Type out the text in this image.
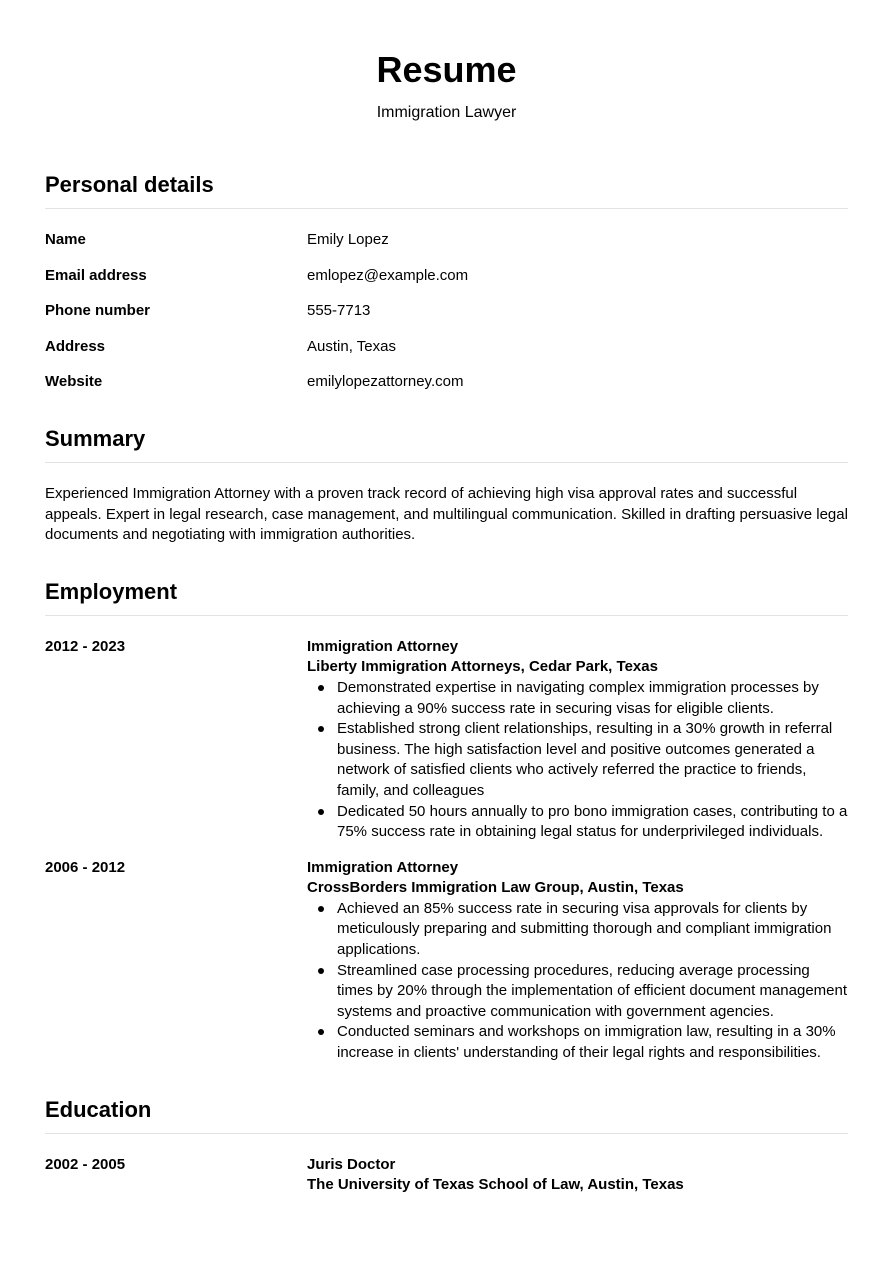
Resume
Immigration Lawyer
Personal details
Name	Emily Lopez
Email address	emlopez@example.com
Phone number	555-7713
Address	Austin, Texas
Website	emilylopezattorney.com
Summary

Experienced Immigration Attorney with a proven track record of achieving high visa approval rates and successful appeals. Expert in legal research, case management, and multilingual communication. Skilled in drafting persuasive legal documents and negotiating with immigration authorities.

Employment
2012 - 2023	Immigration Attorney
Liberty Immigration Attorneys, Cedar Park, Texas
Demonstrated expertise in navigating complex immigration processes by achieving a 90% success rate in securing visas for eligible clients.
Established strong client relationships, resulting in a 30% growth in referral business. The high satisfaction level and positive outcomes generated a network of satisfied clients who actively referred the practice to friends, family, and colleagues
Dedicated 50 hours annually to pro bono immigration cases, contributing to a 75% success rate in obtaining legal status for underprivileged individuals.
2006 - 2012	Immigration Attorney
CrossBorders Immigration Law Group, Austin, Texas
Achieved an 85% success rate in securing visa approvals for clients by meticulously preparing and submitting thorough and compliant immigration applications.
Streamlined case processing procedures, reducing average processing times by 20% through the implementation of efficient document management systems and proactive communication with government agencies.
Conducted seminars and workshops on immigration law, resulting in a 30% increase in clients' understanding of their legal rights and responsibilities.
Education
2002 - 2005	Juris Doctor
The University of Texas School of Law, Austin, Texas
